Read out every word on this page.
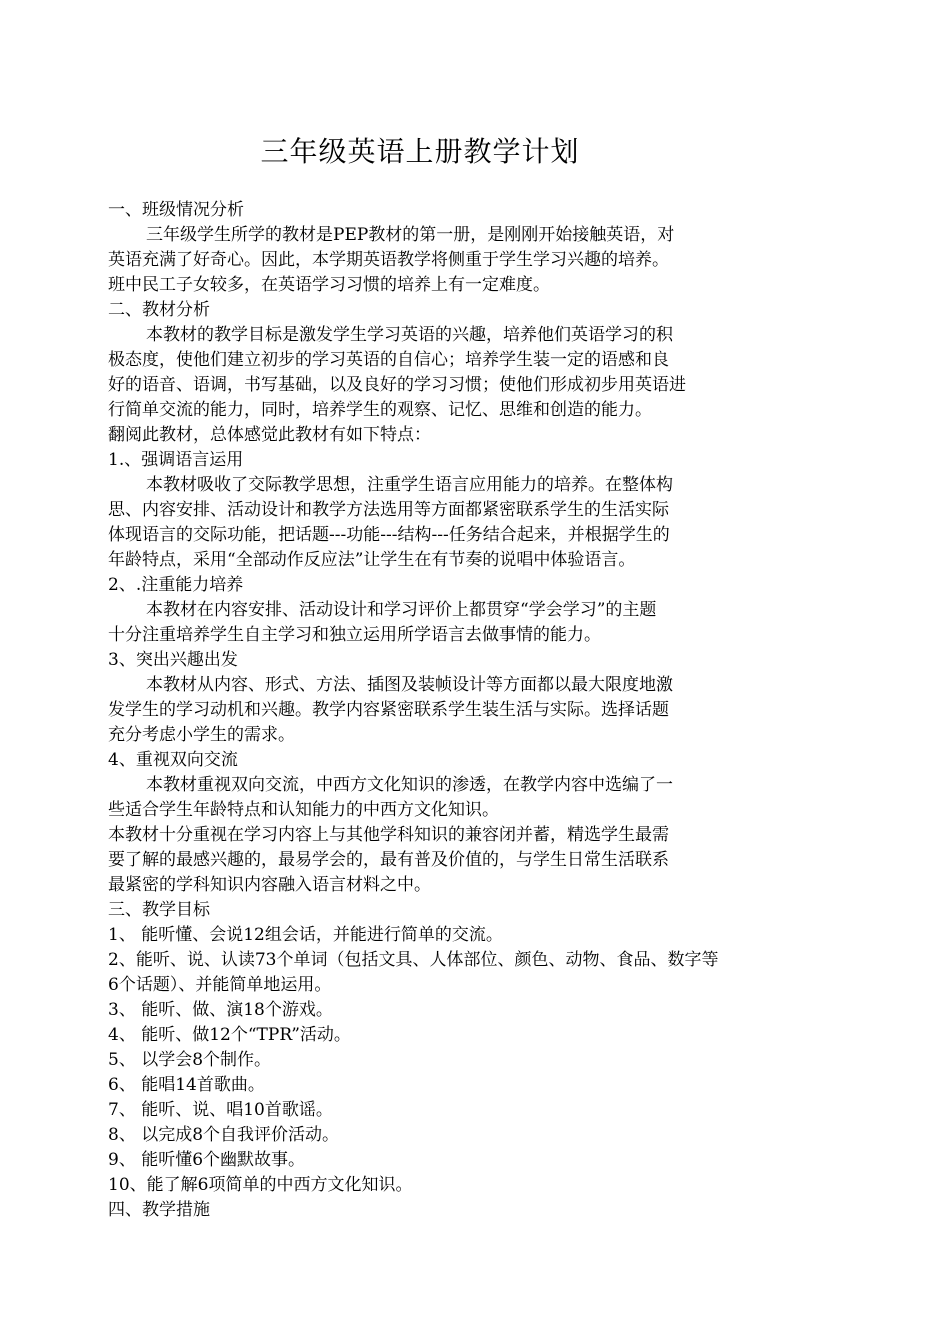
三年级英语上册教学计划
一、班级情况分析
三年级学生所学的教材是PEP教材的第一册，是刚刚开始接触英语，对
英语充满了好奇心。因此，本学期英语教学将侧重于学生学习兴趣的培养。
班中民工子女较多，在英语学习习惯的培养上有一定难度。
二、教材分析
本教材的教学目标是激发学生学习英语的兴趣，培养他们英语学习的积
极态度，使他们建立初步的学习英语的自信心；培养学生装一定的语感和良
好的语音、语调，书写基础，以及良好的学习习惯；使他们形成初步用英语进
行简单交流的能力，同时，培养学生的观察、记忆、思维和创造的能力。
翻阅此教材，总体感觉此教材有如下特点：
1.、强调语言运用
本教材吸收了交际教学思想，注重学生语言应用能力的培养。在整体构
思、内容安排、活动设计和教学方法选用等方面都紧密联系学生的生活实际
体现语言的交际功能，把话题---功能---结构---任务结合起来，并根据学生的
年龄特点，采用“全部动作反应法”让学生在有节奏的说唱中体验语言。
2、.注重能力培养
本教材在内容安排、活动设计和学习评价上都贯穿“学会学习”的主题
十分注重培养学生自主学习和独立运用所学语言去做事情的能力。
3、突出兴趣出发
本教材从内容、形式、方法、插图及装帧设计等方面都以最大限度地激
发学生的学习动机和兴趣。教学内容紧密联系学生装生活与实际。选择话题
充分考虑小学生的需求。
4、重视双向交流
本教材重视双向交流，中西方文化知识的渗透，在教学内容中选编了一
些适合学生年龄特点和认知能力的中西方文化知识。
本教材十分重视在学习内容上与其他学科知识的兼容闭并蓄，精选学生最需
要了解的最感兴趣的，最易学会的，最有普及价值的，与学生日常生活联系
最紧密的学科知识内容融入语言材料之中。
三、教学目标
1、 能听懂、会说12组会话，并能进行简单的交流。
2、能听、说、认读73个单词（包括文具、人体部位、颜色、动物、食品、数字等
6个话题）、并能简单地运用。
3、 能听、做、演18个游戏。
4、 能听、做12个“TPR”活动。
5、 以学会8个制作。
6、 能唱14首歌曲。
7、 能听、说、唱10首歌谣。
8、 以完成8个自我评价活动。
9、 能听懂6个幽默故事。
10、能了解6项简单的中西方文化知识。
四、教学措施
